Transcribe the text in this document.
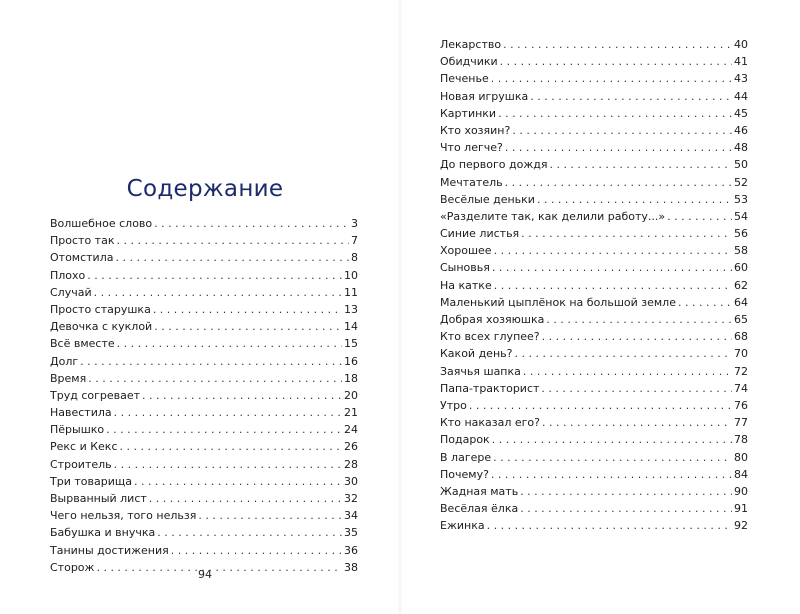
Содержание
Волшебное слово . . .	3
Просто так . . .	7
Отомстила . . .	8
Плохо . . .	10
Случай . . .	11
Просто старушка . . .	13
Девочка с куклой . . .	14
Всё вместе . . .	15
Долг . . .	16
Время . . .	18
Труд согревает . . .	20
Навестила . . .	21
Пёрышко . . .	24
Рекс и Кекс . . .	26
Строитель . . .	28
Три товарища . . .	30
Вырванный лист . . .	32
Чего нельзя, того нельзя . . .	34
Бабушка и внучка . . .	35
Танины достижения . . .	36
Сторож . . .	38
94
Лекарство . . .	40
Обидчики . . .	41
Печенье . . .	43
Новая игрушка . . .	44
Картинки . . .	45
Кто хозяин? . . .	46
Что легче? . . .	48
До первого дождя . . .	50
Мечтатель . . .	52
Весёлые деньки . . .	53
«Разделите так, как делили работу...» . . .	54
Синие листья . . .	56
Хорошее . . .	58
Сыновья . . .	60
На катке . . .	62
Маленький цыплёнок на большой земле . . .	64
Добрая хозяюшка . . .	65
Кто всех глупее? . . .	68
Какой день? . . .	70
Заячья шапка . . .	72
Папа-тракторист . . .	74
Утро . . .	76
Кто наказал его? . . .	77
Подарок . . .	78
В лагере . . .	80
Почему? . . .	84
Жадная мать . . .	90
Весёлая ёлка . . .	91
Ежинка . . .	92
